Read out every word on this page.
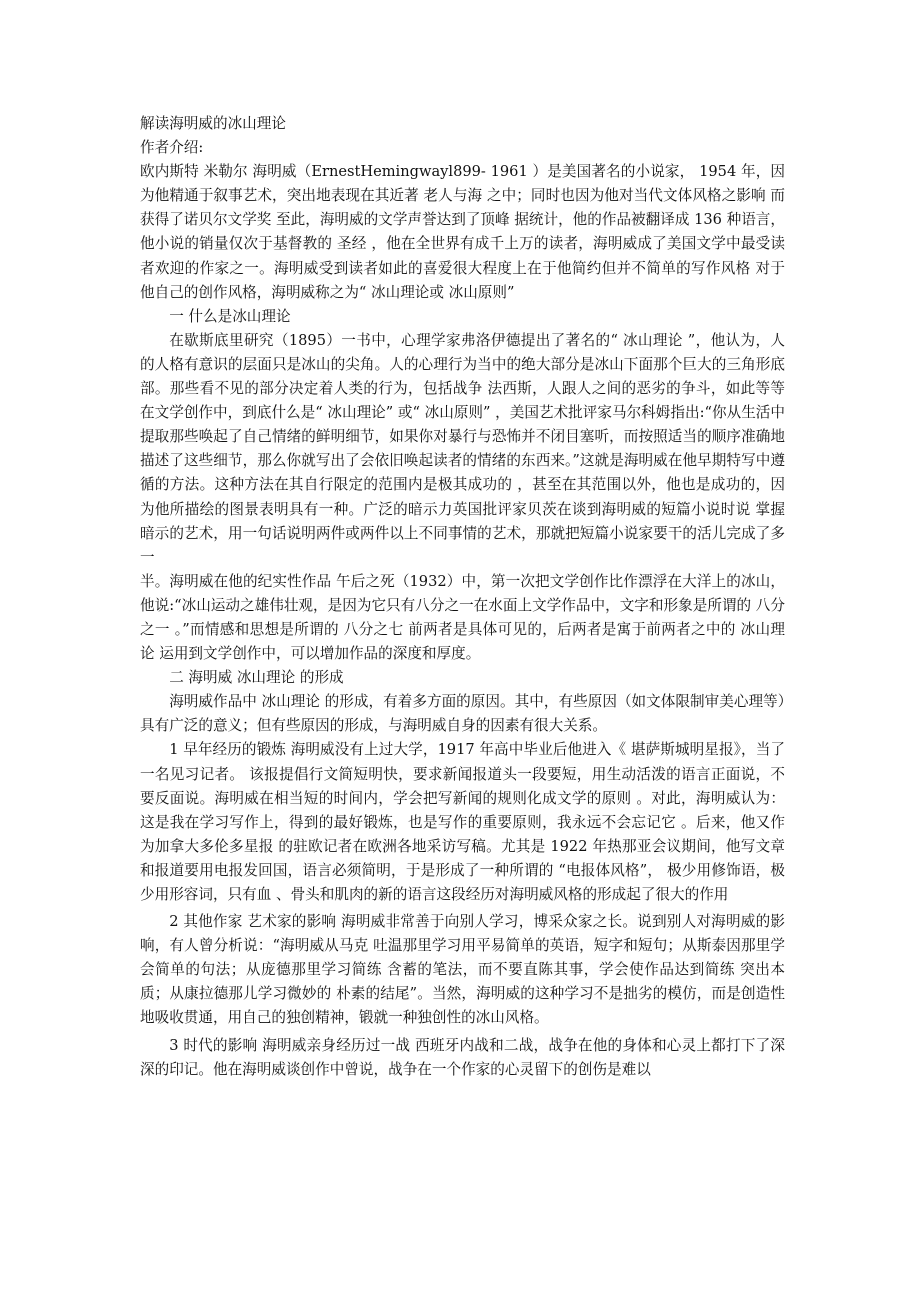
解读海明威的冰山理论
作者介绍:

欧内斯特 米勒尔 海明威（ErnestHemingwayl899- 1961 ）是美国著名的小说家， 1954 年，因为他精通于叙事艺术，突出地表现在其近著 老人与海 之中；同时也因为他对当代文体风格之影响 而获得了诺贝尔文学奖 至此，海明威的文学声誉达到了顶峰 据统计，他的作品被翻译成 136 种语言，他小说的销量仅次于基督教的 圣经 ，他在全世界有成千上万的读者，海明威成了美国文学中最受读者欢迎的作家之一。海明威受到读者如此的喜爱很大程度上在于他简约但并不简单的写作风格 对于他自己的创作风格，海明威称之为“ 冰山理论或 冰山原则”

一 什么是冰山理论

在歇斯底里研究（1895）一书中，心理学家弗洛伊德提出了著名的“ 冰山理论 ”，他认为，人的人格有意识的层面只是冰山的尖角。人的心理行为当中的绝大部分是冰山下面那个巨大的三角形底部。那些看不见的部分决定着人类的行为，包括战争 法西斯，人跟人之间的恶劣的争斗，如此等等在文学创作中，到底什么是“ 冰山理论” 或“ 冰山原则” ，美国艺术批评家马尔科姆指出:“你从生活中提取那些唤起了自己情绪的鲜明细节，如果你对暴行与恐怖并不闭目塞听，而按照适当的顺序准确地描述了这些细节，那么你就写出了会依旧唤起读者的情绪的东西来。”这就是海明威在他早期特写中遵循的方法。这种方法在其自行限定的范围内是极其成功的 ，甚至在其范围以外，他也是成功的，因为他所描绘的图景表明具有一种。广泛的暗示力英国批评家贝茨在谈到海明威的短篇小说时说 掌握暗示的艺术，用一句话说明两件或两件以上不同事情的艺术，那就把短篇小说家要干的活儿完成了多一

半。海明威在他的纪实性作品 午后之死（1932）中，第一次把文学创作比作漂浮在大洋上的冰山，他说:“冰山运动之雄伟壮观，是因为它只有八分之一在水面上文学作品中，文字和形象是所谓的 八分之一 。”而情感和思想是所谓的 八分之七 前两者是具体可见的，后两者是寓于前两者之中的 冰山理论 运用到文学创作中，可以增加作品的深度和厚度。

二 海明威 冰山理论 的形成

海明威作品中 冰山理论 的形成，有着多方面的原因。其中，有些原因（如文体限制审美心理等）具有广泛的意义；但有些原因的形成，与海明威自身的因素有很大关系。

1 早年经历的锻炼 海明威没有上过大学，1917 年高中毕业后他进入《 堪萨斯城明星报》，当了一名见习记者。 该报提倡行文简短明快，要求新闻报道头一段要短，用生动活泼的语言正面说，不要反面说。海明威在相当短的时间内，学会把写新闻的规则化成文学的原则 。对此，海明威认为：这是我在学习写作上，得到的最好锻炼，也是写作的重要原则，我永远不会忘记它 。后来，他又作为加拿大多伦多星报 的驻欧记者在欧洲各地采访写稿。尤其是 1922 年热那亚会议期间，他写文章和报道要用电报发回国，语言必须简明，于是形成了一种所谓的 “电报体风格”， 极少用修饰语，极少用形容词，只有血 、骨头和肌肉的新的语言这段经历对海明威风格的形成起了很大的作用

2 其他作家 艺术家的影响 海明威非常善于向别人学习，博采众家之长。说到别人对海明威的影响，有人曾分析说：“海明威从马克 吐温那里学习用平易简单的英语，短字和短句；从斯泰因那里学会简单的句法；从庞德那里学习简练 含蓄的笔法，而不要直陈其事，学会使作品达到简练 突出本质；从康拉德那儿学习微妙的 朴素的结尾”。当然，海明威的这种学习不是拙劣的模仿，而是创造性地吸收贯通，用自己的独创精神，锻就一种独创性的冰山风格。

3 时代的影响 海明威亲身经历过一战 西班牙内战和二战，战争在他的身体和心灵上都打下了深深的印记。他在海明威谈创作中曾说，战争在一个作家的心灵留下的创伤是难以
